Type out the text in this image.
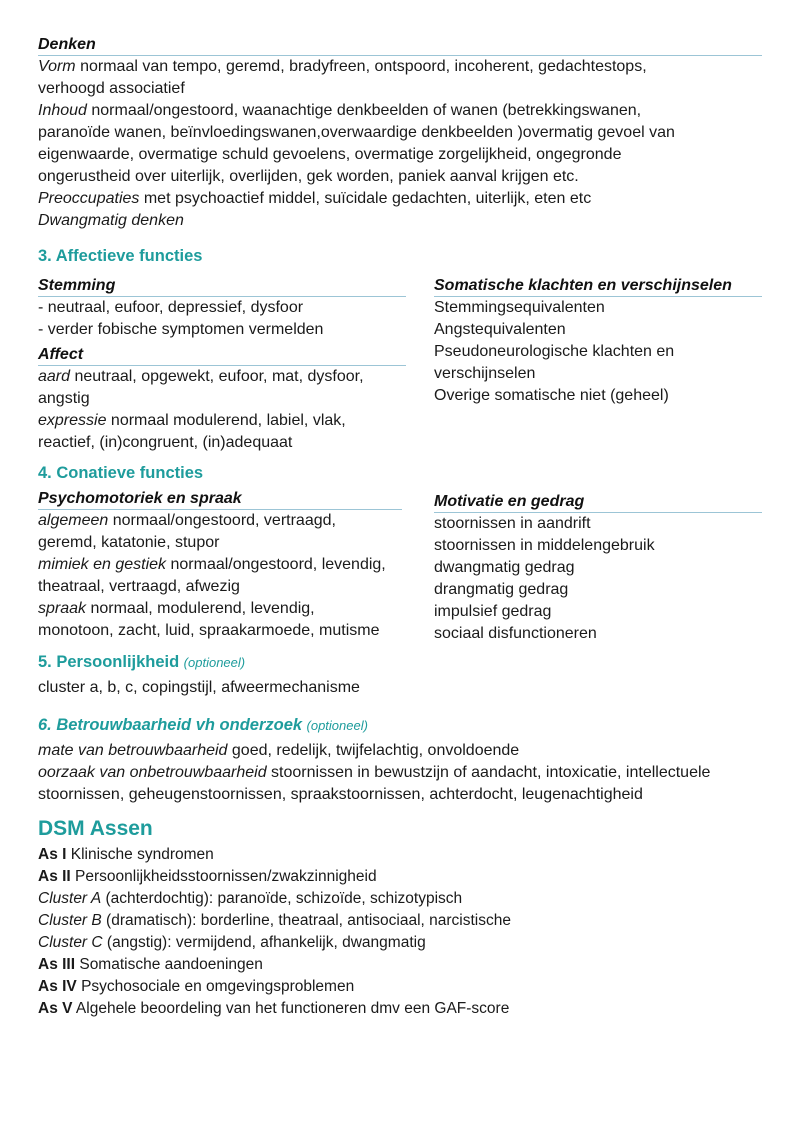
Denken
Vorm normaal van tempo, geremd, bradyfreen, ontspoord, incoherent, gedachtestops,
verhoogd associatief
Inhoud normaal/ongestoord, waanachtige denkbeelden of wanen (betrekkingswanen,
paranoïde wanen, beïnvloedingswanen,overwaardige denkbeelden )overmatig gevoel van
eigenwaarde, overmatige schuld gevoelens, overmatige zorgelijkheid, ongegronde
ongerustheid over uiterlijk, overlijden, gek worden, paniek aanval krijgen etc.
Preoccupaties met psychoactief middel, suïcidale gedachten, uiterlijk, eten etc
Dwangmatig denken
3. Affectieve functies
Stemming
- neutraal, eufoor, depressief, dysfoor
- verder fobische symptomen vermelden
Affect
aard neutraal, opgewekt, eufoor, mat, dysfoor,
angstig
expressie normaal modulerend, labiel, vlak,
reactief, (in)congruent, (in)adequaat
Somatische klachten en verschijnselen
Stemmingsequivalenten
Angstequivalenten
Pseudoneurologische klachten en
verschijnselen
Overige somatische niet (geheel)
4. Conatieve functies
Psychomotoriek en spraak
algemeen normaal/ongestoord, vertraagd,
geremd, katatonie, stupor
mimiek en gestiek normaal/ongestoord, levendig,
theatraal, vertraagd, afwezig
spraak normaal, modulerend, levendig,
monotoon, zacht, luid, spraakarmoede, mutisme
Motivatie en gedrag
stoornissen in aandrift
stoornissen in middelengebruik
dwangmatig gedrag
drangmatig gedrag
impulsief gedrag
sociaal disfunctioneren
5. Persoonlijkheid (optioneel)
cluster a, b, c, copingstijl, afweermechanisme
6. Betrouwbaarheid vh onderzoek (optioneel)
mate van betrouwbaarheid goed, redelijk, twijfelachtig, onvoldoende
oorzaak van onbetrouwbaarheid stoornissen in bewustzijn of aandacht, intoxicatie, intellectuele
stoornissen, geheugenstoornissen, spraakstoornissen, achterdocht, leugenachtigheid
DSM Assen
As I Klinische syndromen
As II Persoonlijkheidsstoornissen/zwakzinnigheid
Cluster A (achterdochtig): paranoïde, schizoïde, schizotypisch
Cluster B (dramatisch): borderline, theatraal, antisociaal, narcistische
Cluster C (angstig): vermijdend, afhankelijk, dwangmatig
As III Somatische aandoeningen
As IV Psychosociale en omgevingsproblemen
As V Algehele beoordeling van het functioneren dmv een GAF-score
